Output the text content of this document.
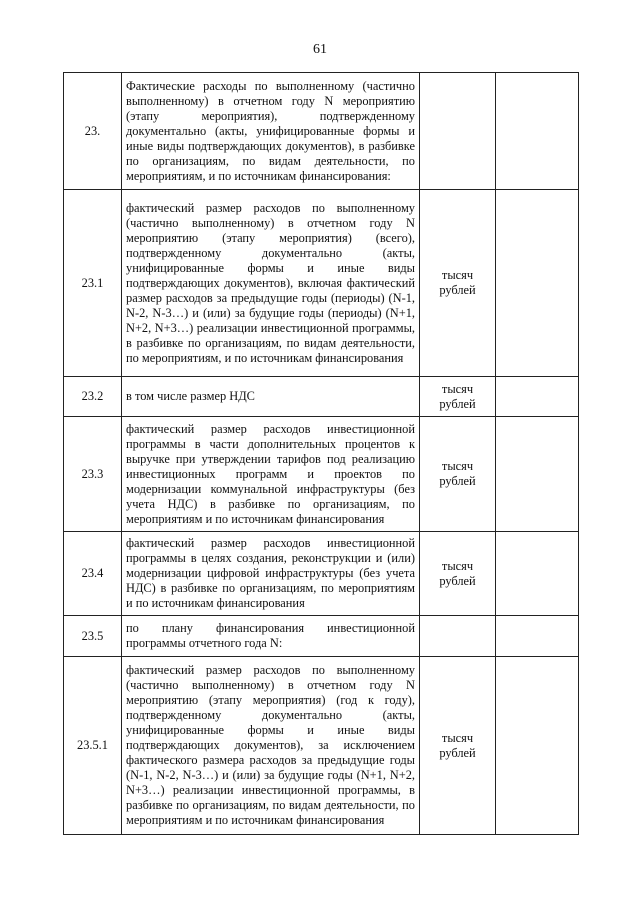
61
23.	Фактические расходы по выполненному (частично выполненному) в отчетном году N мероприятию (этапу мероприятия), подтвержденному документально (акты, унифицированные формы и иные виды подтверждающих документов), в разбивке по организациям, по видам деятельности, по мероприятиям, и по источникам финансирования:		
23.1	фактический размер расходов по выполненному (частично выполненному) в отчетном году N мероприятию (этапу мероприятия) (всего), подтвержденному документально (акты, унифицированные формы и иные виды подтверждающих документов), включая фактический размер расходов за предыдущие годы (периоды) (N-1, N-2, N-3…) и (или) за будущие годы (периоды) (N+1, N+2, N+3…) реализации инвестиционной программы, в разбивке по организациям, по видам деятельности, по мероприятиям, и по источникам финансирования	тысяч рублей	
23.2	в том числе размер НДС	тысяч рублей	
23.3	фактический размер расходов инвестиционной программы в части дополнительных процентов к выручке при утверждении тарифов под реализацию инвестиционных программ и проектов по модернизации коммунальной инфраструктуры (без учета НДС) в разбивке по организациям, по мероприятиям и по источникам финансирования	тысяч рублей	
23.4	фактический размер расходов инвестиционной программы в целях создания, реконструкции и (или) модернизации цифровой инфраструктуры (без учета НДС) в разбивке по организациям, по мероприятиям и по источникам финансирования	тысяч рублей	
23.5	по плану финансирования инвестиционной программы отчетного года N:		
23.5.1	фактический размер расходов по выполненному (частично выполненному) в отчетном году N мероприятию (этапу мероприятия) (год к году), подтвержденному документально (акты, унифицированные формы и иные виды подтверждающих документов), за исключением фактического размера расходов за предыдущие годы (N-1, N-2, N-3…) и (или) за будущие годы (N+1, N+2, N+3…) реализации инвестиционной программы, в разбивке по организациям, по видам деятельности, по мероприятиям и по источникам финансирования	тысяч рублей	
